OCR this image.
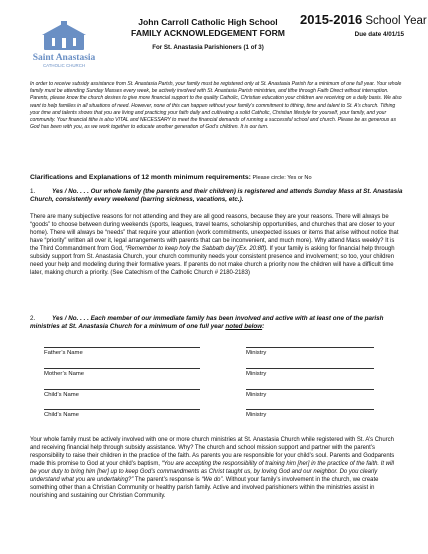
Saint Anastasia
CATHOLIC CHURCH
John Carroll Catholic High School
FAMILY ACKNOWLEDGEMENT FORM
For St. Anastasia Parishioners (1 of 3)
2015-2016 School Year
Due date 4/01/15
In order to receive subsidy assistance from St. Anastasia Parish, your family must be registered only at St. Anastasia Parish for a minimum of one full year. Your whole family must be attending Sunday Masses every week, be actively involved with St. Anastasia Parish ministries, and tithe through Faith Direct without interruption. Parents, please know the church desires to give more financial support to the quality Catholic, Christian education your children are receiving on a daily basis. We also want to help families in all situations of need. However, none of this can happen without your family’s commitment to tithing, time and talent to St. A’s church. Tithing your time and talents shows that you are living and practicing your faith daily and cultivating a solid Catholic, Christian lifestyle for yourself, your family, and your community. Your financial tithe is also VITAL and NECESSARY to meet the financial demands of running a successful school and church. Please be as generous as God has been with you, as we work together to educate another generation of God’s children. It is our turn.
Clarifications and Explanations of 12 month minimum requirements: Please circle: Yes or No
1.	Yes / No. . . . Our whole family (the parents and their children) is registered and attends Sunday Mass at St. Anastasia Church, consistently every weekend (barring sickness, vacations, etc.).
There are many subjective reasons for not attending and they are all good reasons, because they are your reasons. There will always be “goods” to choose between during weekends (sports, leagues, travel teams, scholarship opportunities, and churches that are closer to your home). There will always be “needs” that require your attention (work commitments, unexpected issues or items that arise without notice that have “priority” written all over it, legal arrangements with parents that can be inconvenient, and much more). Why attend Mass weekly? It is the Third Commandment from God, “Remember to keep holy the Sabbath day”(Ex. 20:8ff). If your family is asking for financial help through subsidy support from St. Anastasia Church, your church community needs your consistent presence and involvement; so too, your children need your help and modeling during their formative years. If parents do not make church a priority now the children will have a difficult time later, making church a priority. (See Catechism of the Catholic Church # 2180-2183)
2.	Yes / No. . . . Each member of our immediate family has been involved and active with at least one of the parish ministries at St. Anastasia Church for a minimum of one full year noted below:
Father’s Name	Ministry
Mother’s Name	Ministry
Child’s Name	Ministry
Child’s Name	Ministry
Your whole family must be actively involved with one or more church ministries at St. Anastasia Church while registered with St. A’s Church and receiving financial help through subsidy assistance. Why? The church and school mission support and partner with the parent’s responsibility to raise their children in the practice of the faith. As parents you are responsible for your child’s soul. Parents and Godparents made this promise to God at your child’s baptism, “You are accepting the responsibility of training him [her] in the practice of the faith. It will be your duty to bring him [her] up to keep God’s commandments as Christ taught us, by loving God and our neighbor. Do you clearly understand what you are undertaking?” The parent’s response is “We do”. Without your family’s involvement in the church, we create something other than a Christian Community or healthy parish family. Active and involved parishioners within the ministries assist in nourishing and sustaining our Christian Community.
